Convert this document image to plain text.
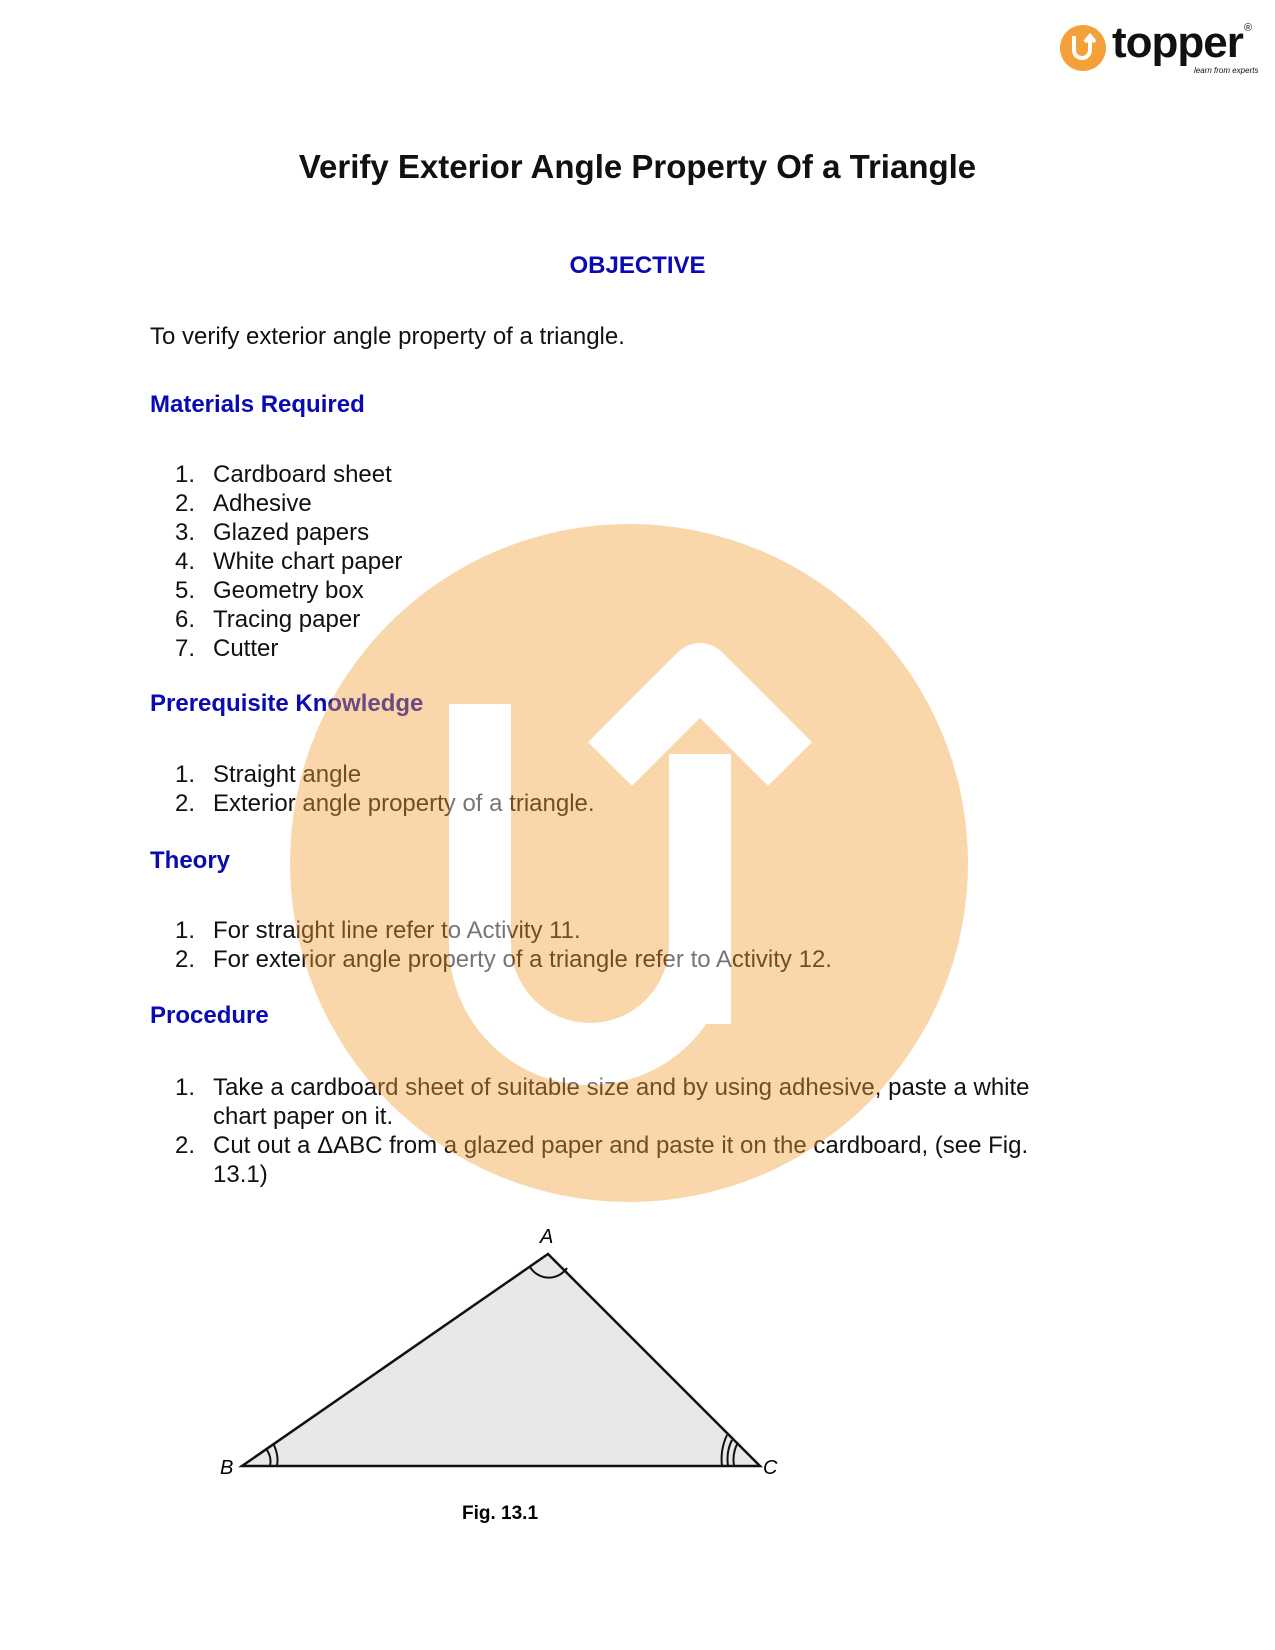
topper ®
learn from experts
Verify Exterior Angle Property Of a Triangle
OBJECTIVE
To verify exterior angle property of a triangle.
Materials Required
1. Cardboard sheet
2. Adhesive
3. Glazed papers
4. White chart paper
5. Geometry box
6. Tracing paper
7. Cutter
Prerequisite Knowledge
1. Straight angle
2. Exterior angle property of a triangle.
Theory
1. For straight line refer to Activity 11.
2. For exterior angle property of a triangle refer to Activity 12.
Procedure
1. Take a cardboard sheet of suitable size and by using adhesive, paste a white chart paper on it.
2. Cut out a ΔABC from a glazed paper and paste it on the cardboard, (see Fig. 13.1)
A
B	C
Fig. 13.1
